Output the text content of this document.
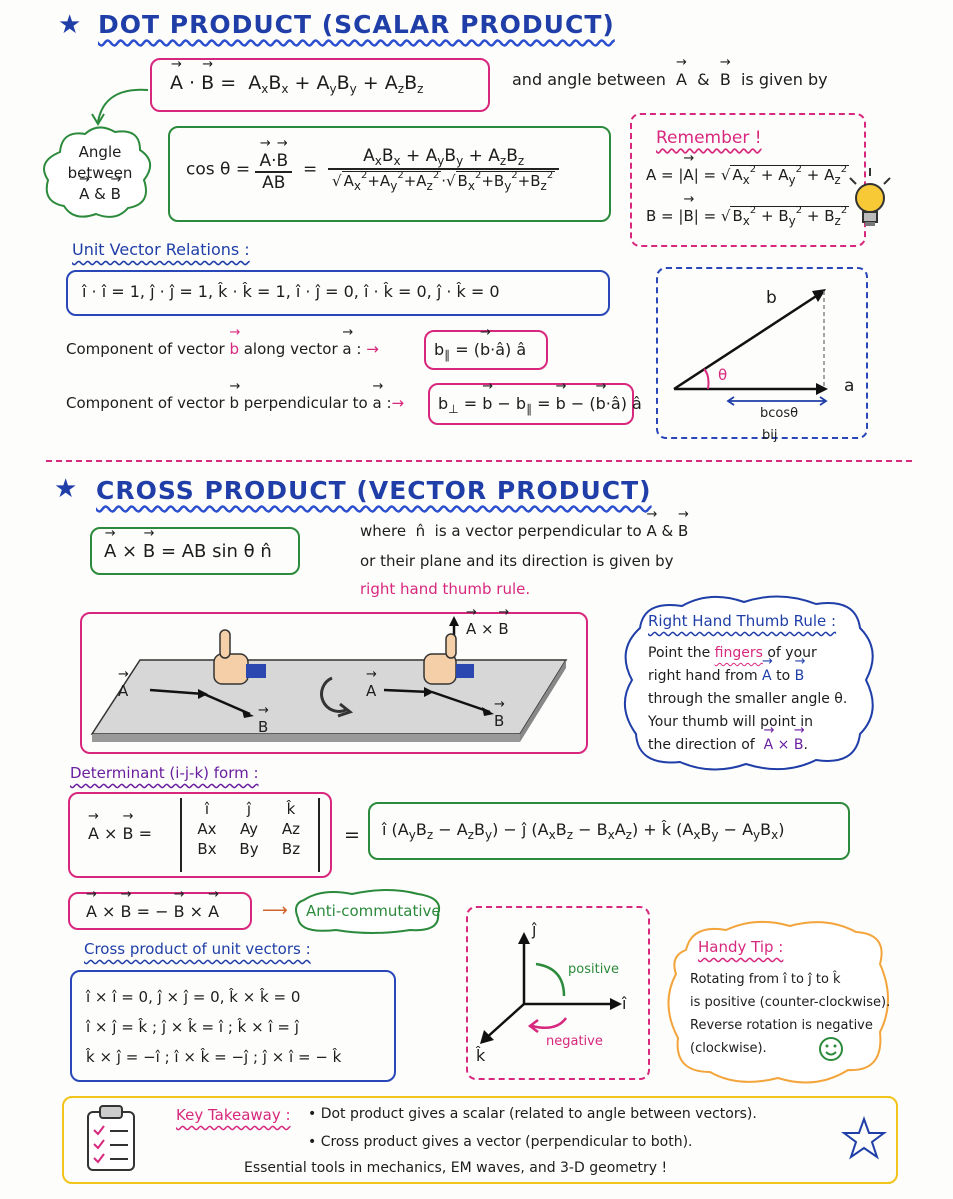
★ DOT PRODUCT (SCALAR PRODUCT)
→ A · → $B = A_xB_x + A_yB_y + A_zB_z$	and angle between  → A  &  → B  is given by
Angle
between
→ A & → B
cos θ = → $\frac{A\cdot\to B}{AB} = \frac{A_xB_x + A_yB_y + A_zB_z}{√ A_x^2+A_y^2+A_z^2 \cdot√ B_x^2+B_y^2+B_z^2}$
Remember !
A = |→ A| = √ $A_x^2 + A_y^2 + A_z^2$
B = |→ B| = √ $B_x^2 + B_y^2 + B_z^2$
Unit Vector Relations :
î · î = 1, ĵ · ĵ = 1, k̂ · k̂ = 1, î · ĵ = 0, î · k̂ = 0, ĵ · k̂ = 0
Component of vector → b along vector → a : →	$b_\parallel$ = (→ b·â) â
Component of vector → b perpendicular to → a :→ $b_\perp$ = → $b - b_\parallel$ = → b − (→ b·â) â
b
a
θ
bcosθ
bij
★ CROSS PRODUCT (VECTOR PRODUCT)
→ A × → B = AB sin θ n̂
where  n̂  is a vector perpendicular to → A & → B
or their plane and its direction is given by
right hand thumb rule.
→ A
→ B
→ A
→ B
→ A × → B	Right Hand Thumb Rule :
Point the fingers of your
right hand from → A to → B
through the smaller angle θ.
Your thumb will point in
the direction of  → A × → B.
Determinant (i-j-k) form :
→ A × → B =
î	ĵ	k̂
Ax	Ay	Az
Bx	By	Bz
= î $(A_yB_z - A_zB_y)$ − ĵ $(A_xB_z - B_xA_z)$ + k̂ $(A_xB_y - A_yB_x)$
→ A × → B = − → B × → A ⟶ Anti-commutative
Cross product of unit vectors :
î × î = 0, ĵ × ĵ = 0, k̂ × k̂ = 0
î × ĵ = k̂ ; ĵ × k̂ = î ; k̂ × î = ĵ
k̂ × ĵ = −î ; î × k̂ = −ĵ ; ĵ × î = − k̂
ĵ
î
k̂
positive
negative
Handy Tip :
Rotating from î to ĵ to k̂
is positive (counter-clockwise).
Reverse rotation is negative
(clockwise).
Key Takeaway : • Dot product gives a scalar (related to angle between vectors).
• Cross product gives a vector (perpendicular to both).
Essential tools in mechanics, EM waves, and 3-D geometry !
